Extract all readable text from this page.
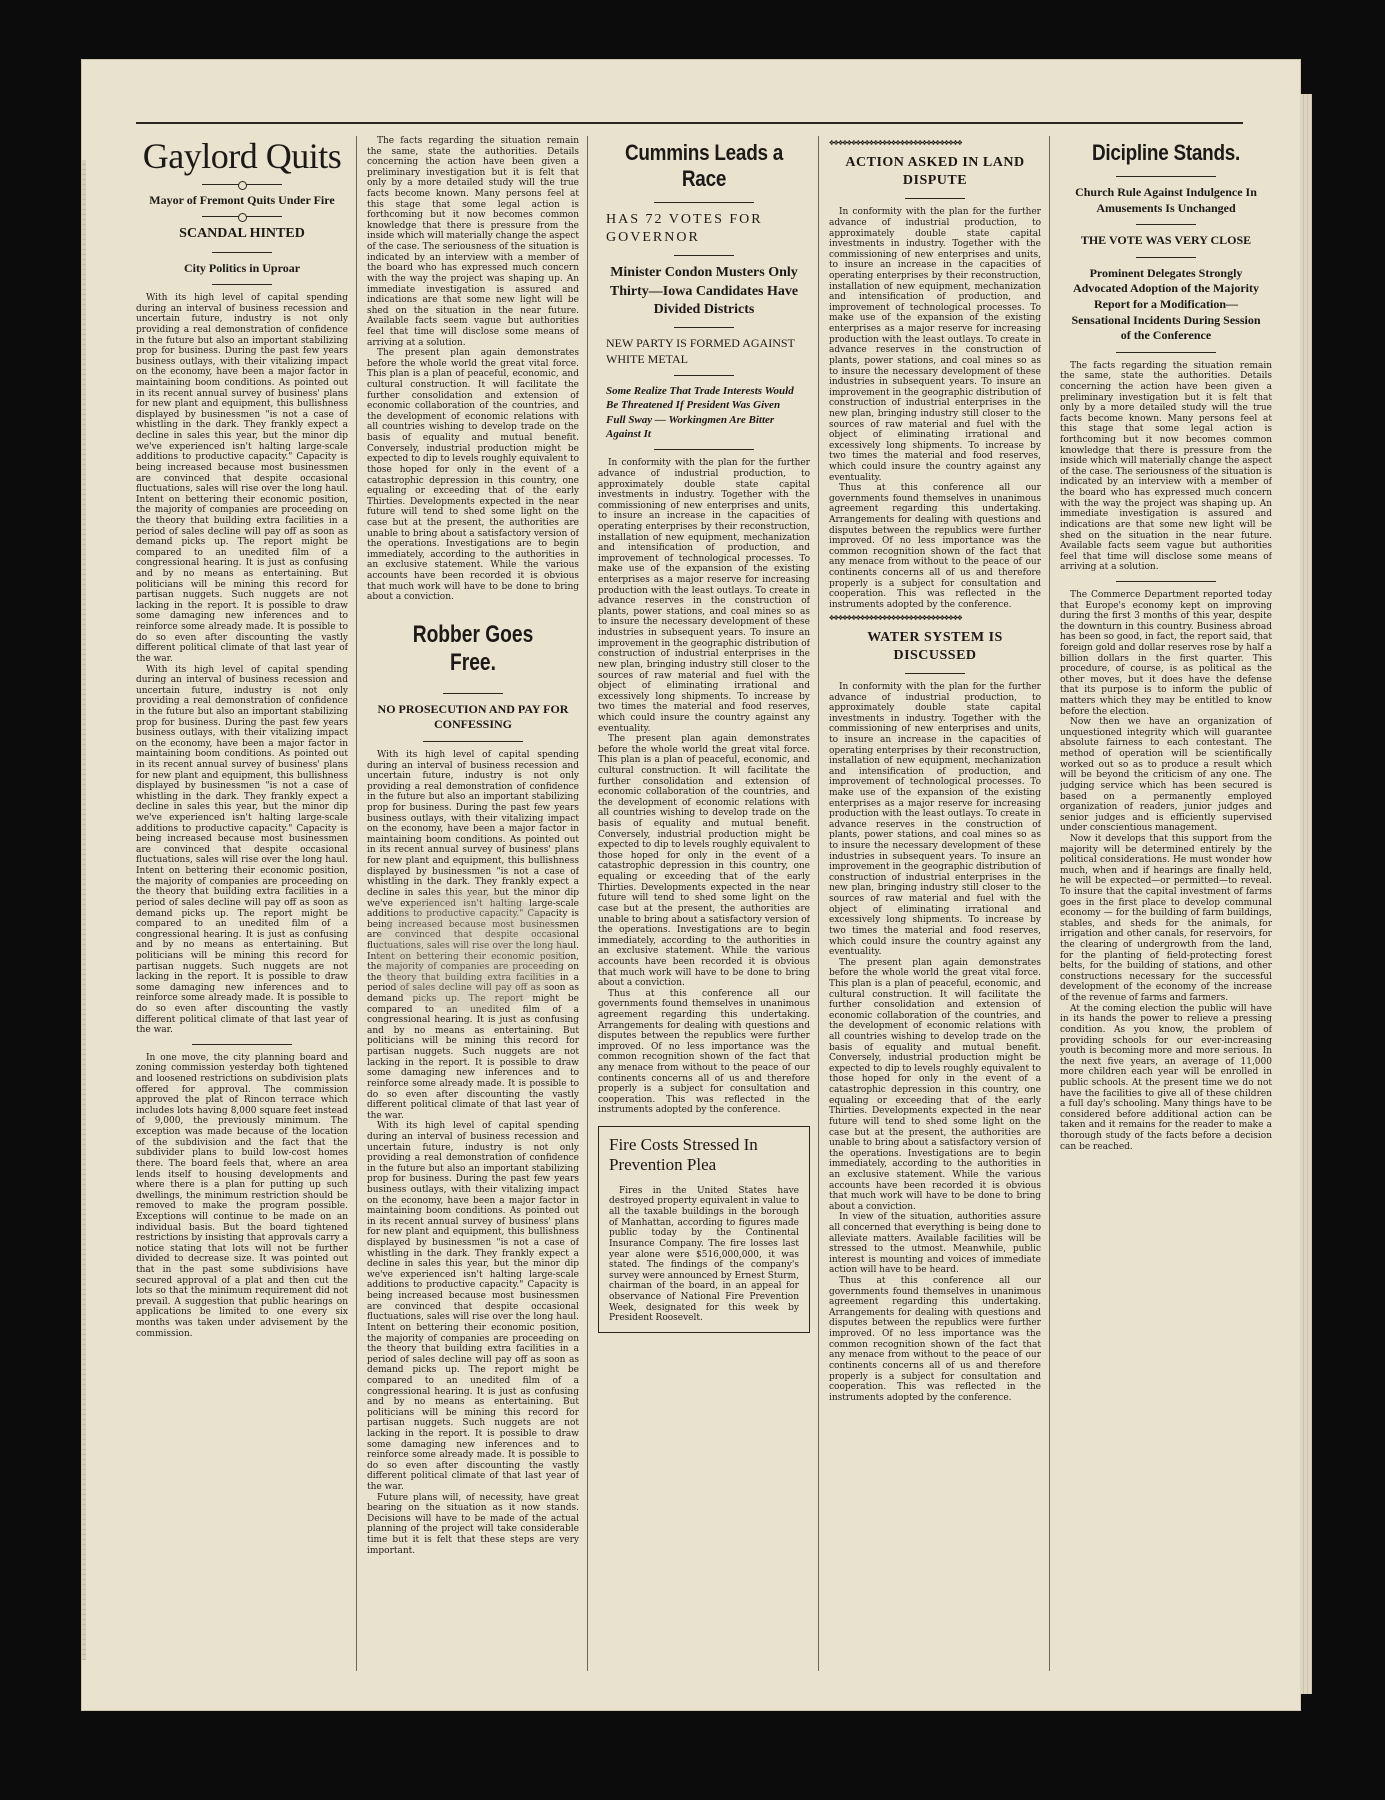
Gaylord Quits
Mayor of Fremont Quits Under Fire
SCANDAL HINTED
City Politics in Uproar

With its high level of capital spending during an interval of business recession and uncertain future, industry is not only providing a real demonstration of confidence in the future but also an important stabilizing prop for business. During the past few years business outlays, with their vitalizing impact on the economy, have been a major factor in maintaining boom conditions. As pointed out in its recent annual survey of business' plans for new plant and equipment, this bullishness displayed by businessmen "is not a case of whistling in the dark. They frankly expect a decline in sales this year, but the minor dip we've experienced isn't halting large-scale additions to productive capacity." Capacity is being increased because most businessmen are convinced that despite occasional fluctuations, sales will rise over the long haul. Intent on bettering their economic position, the majority of companies are proceeding on the theory that building extra facilities in a period of sales decline will pay off as soon as demand picks up. The report might be compared to an unedited film of a congressional hearing. It is just as confusing and by no means as entertaining. But politicians will be mining this record for partisan nuggets. Such nuggets are not lacking in the report. It is possible to draw some damaging new inferences and to reinforce some already made. It is possible to do so even after discounting the vastly different political climate of that last year of the war.

With its high level of capital spending during an interval of business recession and uncertain future, industry is not only providing a real demonstration of confidence in the future but also an important stabilizing prop for business. During the past few years business outlays, with their vitalizing impact on the economy, have been a major factor in maintaining boom conditions. As pointed out in its recent annual survey of business' plans for new plant and equipment, this bullishness displayed by businessmen "is not a case of whistling in the dark. They frankly expect a decline in sales this year, but the minor dip we've experienced isn't halting large-scale additions to productive capacity." Capacity is being increased because most businessmen are convinced that despite occasional fluctuations, sales will rise over the long haul. Intent on bettering their economic position, the majority of companies are proceeding on the theory that building extra facilities in a period of sales decline will pay off as soon as demand picks up. The report might be compared to an unedited film of a congressional hearing. It is just as confusing and by no means as entertaining. But politicians will be mining this record for partisan nuggets. Such nuggets are not lacking in the report. It is possible to draw some damaging new inferences and to reinforce some already made. It is possible to do so even after discounting the vastly different political climate of that last year of the war.

In one move, the city planning board and zoning commission yesterday both tightened and loosened restrictions on subdivision plats offered for approval. The commission approved the plat of Rincon terrace which includes lots having 8,000 square feet instead of 9,000, the previously minimum. The exception was made because of the location of the subdivision and the fact that the subdivider plans to build low-cost homes there. The board feels that, where an area lends itself to housing developments and where there is a plan for putting up such dwellings, the minimum restriction should be removed to make the program possible. Exceptions will continue to be made on an individual basis. But the board tightened restrictions by insisting that approvals carry a notice stating that lots will not be further divided to decrease size. It was pointed out that in the past some subdivisions have secured approval of a plat and then cut the lots so that the minimum requirement did not prevail. A suggestion that public hearings on applications be limited to one every six months was taken under advisement by the commission.

The facts regarding the situation remain the same, state the authorities. Details concerning the action have been given a preliminary investigation but it is felt that only by a more detailed study will the true facts become known. Many persons feel at this stage that some legal action is forthcoming but it now becomes common knowledge that there is pressure from the inside which will materially change the aspect of the case. The seriousness of the situation is indicated by an interview with a member of the board who has expressed much concern with the way the project was shaping up. An immediate investigation is assured and indications are that some new light will be shed on the situation in the near future. Available facts seem vague but authorities feel that time will disclose some means of arriving at a solution.

The present plan again demonstrates before the whole world the great vital force. This plan is a plan of peaceful, economic, and cultural construction. It will facilitate the further consolidation and extension of economic collaboration of the countries, and the development of economic relations with all countries wishing to develop trade on the basis of equality and mutual benefit. Conversely, industrial production might be expected to dip to levels roughly equivalent to those hoped for only in the event of a catastrophic depression in this country, one equaling or exceeding that of the early Thirties. Developments expected in the near future will tend to shed some light on the case but at the present, the authorities are unable to bring about a satisfactory version of the operations. Investigations are to begin immediately, according to the authorities in an exclusive statement. While the various accounts have been recorded it is obvious that much work will have to be done to bring about a conviction.

Robber Goes Free.
NO PROSECUTION AND PAY FOR CONFESSING

With its high level of capital spending during an interval of business recession and uncertain future, industry is not only providing a real demonstration of confidence in the future but also an important stabilizing prop for business. During the past few years business outlays, with their vitalizing impact on the economy, have been a major factor in maintaining boom conditions. As pointed out in its recent annual survey of business' plans for new plant and equipment, this bullishness displayed by businessmen "is not a case of whistling in the dark. They frankly expect a decline in sales this year, but the minor dip we've experienced isn't halting large-scale additions to productive capacity." Capacity is being increased because most businessmen are convinced that despite occasional fluctuations, sales will rise over the long haul. Intent on bettering their economic position, the majority of companies are proceeding on the theory that building extra facilities in a period of sales decline will pay off as soon as demand picks up. The report might be compared to an unedited film of a congressional hearing. It is just as confusing and by no means as entertaining. But politicians will be mining this record for partisan nuggets. Such nuggets are not lacking in the report. It is possible to draw some damaging new inferences and to reinforce some already made. It is possible to do so even after discounting the vastly different political climate of that last year of the war.

With its high level of capital spending during an interval of business recession and uncertain future, industry is not only providing a real demonstration of confidence in the future but also an important stabilizing prop for business. During the past few years business outlays, with their vitalizing impact on the economy, have been a major factor in maintaining boom conditions. As pointed out in its recent annual survey of business' plans for new plant and equipment, this bullishness displayed by businessmen "is not a case of whistling in the dark. They frankly expect a decline in sales this year, but the minor dip we've experienced isn't halting large-scale additions to productive capacity." Capacity is being increased because most businessmen are convinced that despite occasional fluctuations, sales will rise over the long haul. Intent on bettering their economic position, the majority of companies are proceeding on the theory that building extra facilities in a period of sales decline will pay off as soon as demand picks up. The report might be compared to an unedited film of a congressional hearing. It is just as confusing and by no means as entertaining. But politicians will be mining this record for partisan nuggets. Such nuggets are not lacking in the report. It is possible to draw some damaging new inferences and to reinforce some already made. It is possible to do so even after discounting the vastly different political climate of that last year of the war.

Future plans will, of necessity, have great bearing on the situation as it now stands. Decisions will have to be made of the actual planning of the project will take considerable time but it is felt that these steps are very important.

Cummins Leads a Race
HAS 72 VOTES FOR GOVERNOR
Minister Condon Musters Only Thirty—Iowa Candidates Have Divided Districts
NEW PARTY IS FORMED AGAINST WHITE METAL
Some Realize That Trade Interests Would Be Threatened If President Was Given Full Sway — Workingmen Are Bitter Against It

In conformity with the plan for the further advance of industrial production, to approximately double state capital investments in industry. Together with the commissioning of new enterprises and units, to insure an increase in the capacities of operating enterprises by their reconstruction, installation of new equipment, mechanization and intensification of production, and improvement of technological processes. To make use of the expansion of the existing enterprises as a major reserve for increasing production with the least outlays. To create in advance reserves in the construction of plants, power stations, and coal mines so as to insure the necessary development of these industries in subsequent years. To insure an improvement in the geographic distribution of construction of industrial enterprises in the new plan, bringing industry still closer to the sources of raw material and fuel with the object of eliminating irrational and excessively long shipments. To increase by two times the material and food reserves, which could insure the country against any eventuality.

The present plan again demonstrates before the whole world the great vital force. This plan is a plan of peaceful, economic, and cultural construction. It will facilitate the further consolidation and extension of economic collaboration of the countries, and the development of economic relations with all countries wishing to develop trade on the basis of equality and mutual benefit. Conversely, industrial production might be expected to dip to levels roughly equivalent to those hoped for only in the event of a catastrophic depression in this country, one equaling or exceeding that of the early Thirties. Developments expected in the near future will tend to shed some light on the case but at the present, the authorities are unable to bring about a satisfactory version of the operations. Investigations are to begin immediately, according to the authorities in an exclusive statement. While the various accounts have been recorded it is obvious that much work will have to be done to bring about a conviction.

Thus at this conference all our governments found themselves in unanimous agreement regarding this undertaking. Arrangements for dealing with questions and disputes between the republics were further improved. Of no less importance was the common recognition shown of the fact that any menace from without to the peace of our continents concerns all of us and therefore properly is a subject for consultation and cooperation. This was reflected in the instruments adopted by the conference.

Fire Costs Stressed In Prevention Plea

Fires in the United States have destroyed property equivalent in value to all the taxable buildings in the borough of Manhattan, according to figures made public today by the Continental Insurance Company. The fire losses last year alone were $516,000,000, it was stated. The findings of the company's survey were announced by Ernest Sturm, chairman of the board, in an appeal for observance of National Fire Prevention Week, designated for this week by President Roosevelt.

❖❖❖❖❖❖❖❖❖❖❖❖❖❖❖❖❖❖❖❖❖❖❖❖❖❖❖❖❖❖
ACTION ASKED IN LAND DISPUTE

In conformity with the plan for the further advance of industrial production, to approximately double state capital investments in industry. Together with the commissioning of new enterprises and units, to insure an increase in the capacities of operating enterprises by their reconstruction, installation of new equipment, mechanization and intensification of production, and improvement of technological processes. To make use of the expansion of the existing enterprises as a major reserve for increasing production with the least outlays. To create in advance reserves in the construction of plants, power stations, and coal mines so as to insure the necessary development of these industries in subsequent years. To insure an improvement in the geographic distribution of construction of industrial enterprises in the new plan, bringing industry still closer to the sources of raw material and fuel with the object of eliminating irrational and excessively long shipments. To increase by two times the material and food reserves, which could insure the country against any eventuality.

Thus at this conference all our governments found themselves in unanimous agreement regarding this undertaking. Arrangements for dealing with questions and disputes between the republics were further improved. Of no less importance was the common recognition shown of the fact that any menace from without to the peace of our continents concerns all of us and therefore properly is a subject for consultation and cooperation. This was reflected in the instruments adopted by the conference.

❖❖❖❖❖❖❖❖❖❖❖❖❖❖❖❖❖❖❖❖❖❖❖❖❖❖❖❖❖❖
WATER SYSTEM IS DISCUSSED

In conformity with the plan for the further advance of industrial production, to approximately double state capital investments in industry. Together with the commissioning of new enterprises and units, to insure an increase in the capacities of operating enterprises by their reconstruction, installation of new equipment, mechanization and intensification of production, and improvement of technological processes. To make use of the expansion of the existing enterprises as a major reserve for increasing production with the least outlays. To create in advance reserves in the construction of plants, power stations, and coal mines so as to insure the necessary development of these industries in subsequent years. To insure an improvement in the geographic distribution of construction of industrial enterprises in the new plan, bringing industry still closer to the sources of raw material and fuel with the object of eliminating irrational and excessively long shipments. To increase by two times the material and food reserves, which could insure the country against any eventuality.

The present plan again demonstrates before the whole world the great vital force. This plan is a plan of peaceful, economic, and cultural construction. It will facilitate the further consolidation and extension of economic collaboration of the countries, and the development of economic relations with all countries wishing to develop trade on the basis of equality and mutual benefit. Conversely, industrial production might be expected to dip to levels roughly equivalent to those hoped for only in the event of a catastrophic depression in this country, one equaling or exceeding that of the early Thirties. Developments expected in the near future will tend to shed some light on the case but at the present, the authorities are unable to bring about a satisfactory version of the operations. Investigations are to begin immediately, according to the authorities in an exclusive statement. While the various accounts have been recorded it is obvious that much work will have to be done to bring about a conviction.

In view of the situation, authorities assure all concerned that everything is being done to alleviate matters. Available facilities will be stressed to the utmost. Meanwhile, public interest is mounting and voices of immediate action will have to be heard.

Thus at this conference all our governments found themselves in unanimous agreement regarding this undertaking. Arrangements for dealing with questions and disputes between the republics were further improved. Of no less importance was the common recognition shown of the fact that any menace from without to the peace of our continents concerns all of us and therefore properly is a subject for consultation and cooperation. This was reflected in the instruments adopted by the conference.

Dicipline Stands.
Church Rule Against Indulgence In Amusements Is Unchanged
THE VOTE WAS VERY CLOSE
Prominent Delegates Strongly Advocated Adoption of the Majority Report for a Modification—Sensational Incidents During Session of the Conference

The facts regarding the situation remain the same, state the authorities. Details concerning the action have been given a preliminary investigation but it is felt that only by a more detailed study will the true facts become known. Many persons feel at this stage that some legal action is forthcoming but it now becomes common knowledge that there is pressure from the inside which will materially change the aspect of the case. The seriousness of the situation is indicated by an interview with a member of the board who has expressed much concern with the way the project was shaping up. An immediate investigation is assured and indications are that some new light will be shed on the situation in the near future. Available facts seem vague but authorities feel that time will disclose some means of arriving at a solution.

The Commerce Department reported today that Europe's economy kept on improving during the first 3 months of this year, despite the downturn in this country. Business abroad has been so good, in fact, the report said, that foreign gold and dollar reserves rose by half a billion dollars in the first quarter. This procedure, of course, is as political as the other moves, but it does have the defense that its purpose is to inform the public of matters which they may be entitled to know before the election.

Now then we have an organization of unquestioned integrity which will guarantee absolute fairness to each contestant. The method of operation will be scientifically worked out so as to produce a result which will be beyond the criticism of any one. The judging service which has been secured is based on a permanently employed organization of readers, junior judges and senior judges and is efficiently supervised under conscientious management.

Now it develops that this support from the majority will be determined entirely by the political considerations. He must wonder how much, when and if hearings are finally held, he will be expected—or permitted—to reveal. To insure that the capital investment of farms goes in the first place to develop communal economy — for the building of farm buildings, stables, and sheds for the animals, for irrigation and other canals, for reservoirs, for the clearing of undergrowth from the land, for the planting of field-protecting forest belts, for the building of stations, and other constructions necessary for the successful development of the economy of the increase of the revenue of farms and farmers.

At the coming election the public will have in its hands the power to relieve a pressing condition. As you know, the problem of providing schools for our ever-increasing youth is becoming more and more serious. In the next five years, an average of 11,000 more children each year will be enrolled in public schools. At the present time we do not have the facilities to give all of these children a full day's schooling. Many things have to be considered before additional action can be taken and it remains for the reader to make a thorough study of the facts before a decision can be reached.
